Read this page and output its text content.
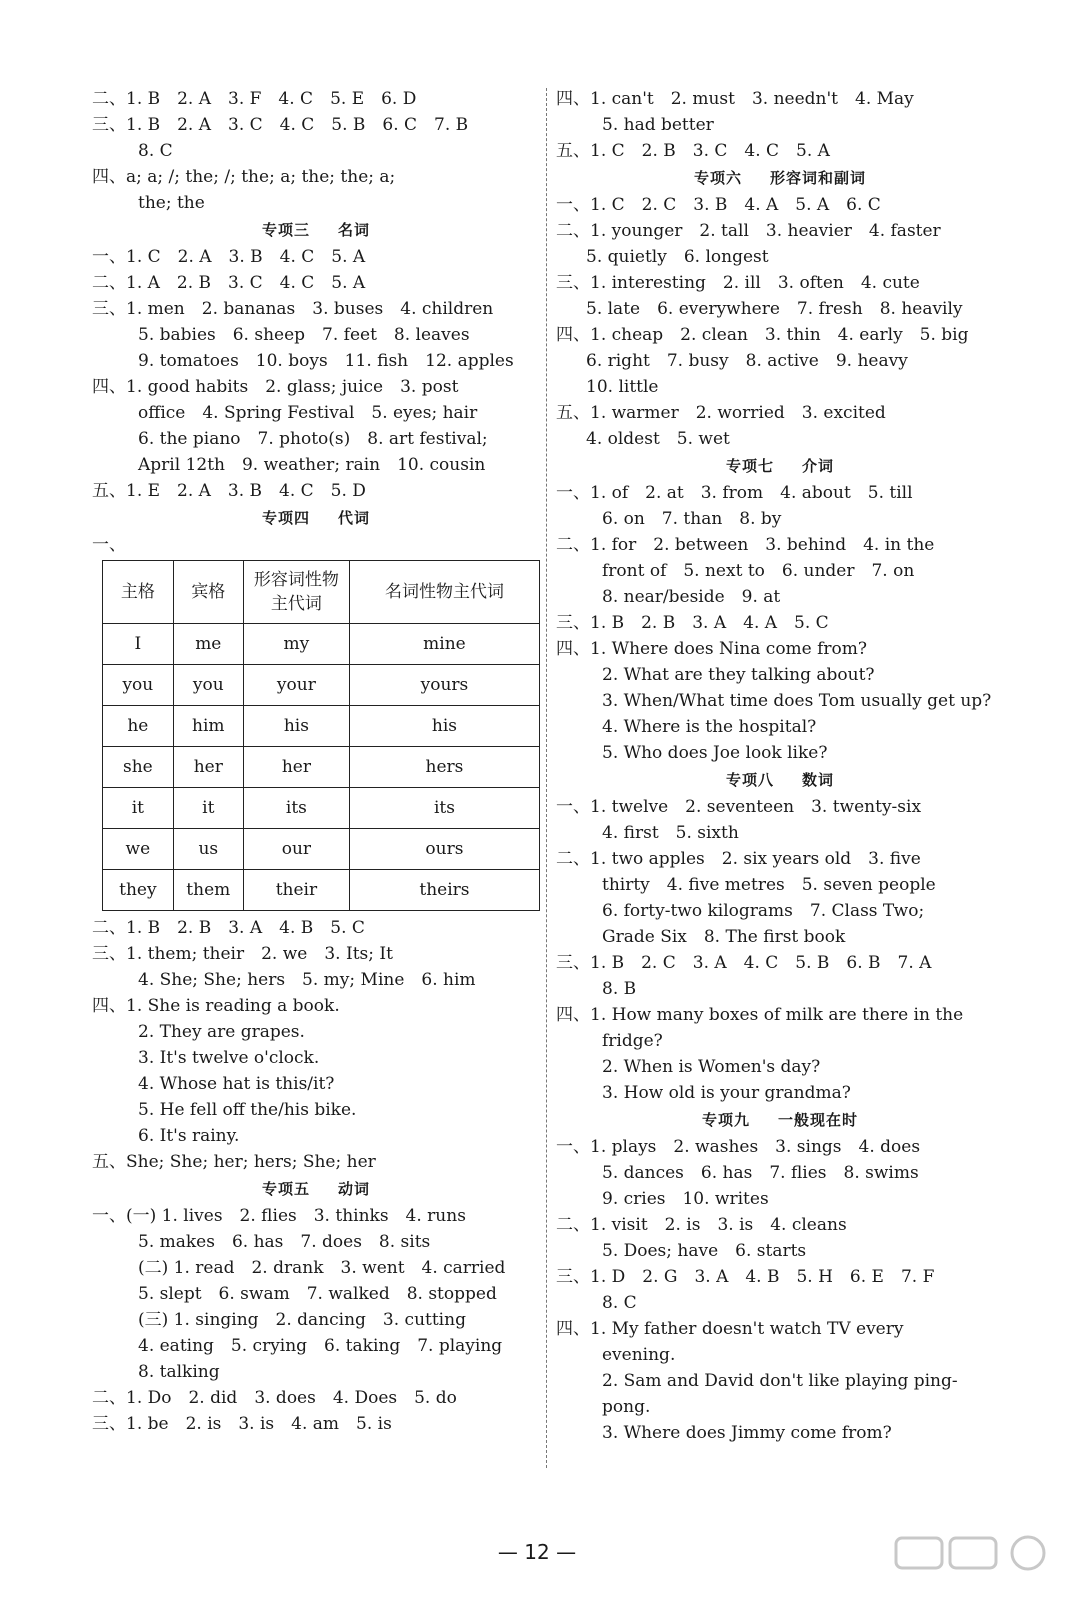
二、1. B　2. A　3. F　4. C　5. E　6. D
三、1. B　2. A　3. C　4. C　5. B　6. C　7. B
8. C
四、a; a; /; the; /; the; a; the; the; a;
the; the
专项三 名词
一、1. C　2. A　3. B　4. C　5. A
二、1. A　2. B　3. C　4. C　5. A
三、1. men　2. bananas　3. buses　4. children
5. babies　6. sheep　7. feet　8. leaves
9. tomatoes　10. boys　11. fish　12. apples
四、1. good habits　2. glass; juice　3. post
office　4. Spring Festival　5. eyes; hair
6. the piano　7. photo(s)　8. art festival;
April 12th　9. weather; rain　10. cousin
五、1. E　2. A　3. B　4. C　5. D
专项四 代词
一、
主格	宾格	形容词性物主代词	名词性物主代词
I	me	my	mine
you	you	your	yours
he	him	his	his
she	her	her	hers
it	it	its	its
we	us	our	ours
they	them	their	theirs
二、1. B　2. B　3. A　4. B　5. C
三、1. them; their　2. we　3. Its; It
4. She; She; hers　5. my; Mine　6. him
四、1. She is reading a book.
2. They are grapes.
3. It's twelve o'clock.
4. Whose hat is this/it?
5. He fell off the/his bike.
6. It's rainy.
五、She; She; her; hers; She; her
专项五 动词
一、(一) 1. lives　2. flies　3. thinks　4. runs
5. makes　6. has　7. does　8. sits
(二) 1. read　2. drank　3. went　4. carried
5. slept　6. swam　7. walked　8. stopped
(三) 1. singing　2. dancing　3. cutting
4. eating　5. crying　6. taking　7. playing
8. talking
二、1. Do　2. did　3. does　4. Does　5. do
三、1. be　2. is　3. is　4. am　5. is
四、1. can't　2. must　3. needn't　4. May
5. had better
五、1. C　2. B　3. C　4. C　5. A
专项六 形容词和副词
一、1. C　2. C　3. B　4. A　5. A　6. C
二、1. younger　2. tall　3. heavier　4. faster
5. quietly　6. longest
三、1. interesting　2. ill　3. often　4. cute
5. late　6. everywhere　7. fresh　8. heavily
四、1. cheap　2. clean　3. thin　4. early　5. big
6. right　7. busy　8. active　9. heavy
10. little
五、1. warmer　2. worried　3. excited
4. oldest　5. wet
专项七 介词
一、1. of　2. at　3. from　4. about　5. till
6. on　7. than　8. by
二、1. for　2. between　3. behind　4. in the
front of　5. next to　6. under　7. on
8. near/beside　9. at
三、1. B　2. B　3. A　4. A　5. C
四、1. Where does Nina come from?
2. What are they talking about?
3. When/What time does Tom usually get up?
4. Where is the hospital?
5. Who does Joe look like?
专项八 数词
一、1. twelve　2. seventeen　3. twenty-six
4. first　5. sixth
二、1. two apples　2. six years old　3. five
thirty　4. five metres　5. seven people
6. forty-two kilograms　7. Class Two;
Grade Six　8. The first book
三、1. B　2. C　3. A　4. C　5. B　6. B　7. A
8. B
四、1. How many boxes of milk are there in the
fridge?
2. When is Women's day?
3. How old is your grandma?
专项九 一般现在时
一、1. plays　2. washes　3. sings　4. does
5. dances　6. has　7. flies　8. swims
9. cries　10. writes
二、1. visit　2. is　3. is　4. cleans
5. Does; have　6. starts
三、1. D　2. G　3. A　4. B　5. H　6. E　7. F
8. C
四、1. My father doesn't watch TV every
evening.
2. Sam and David don't like playing ping-
pong.
3. Where does Jimmy come from?
— 12 —
